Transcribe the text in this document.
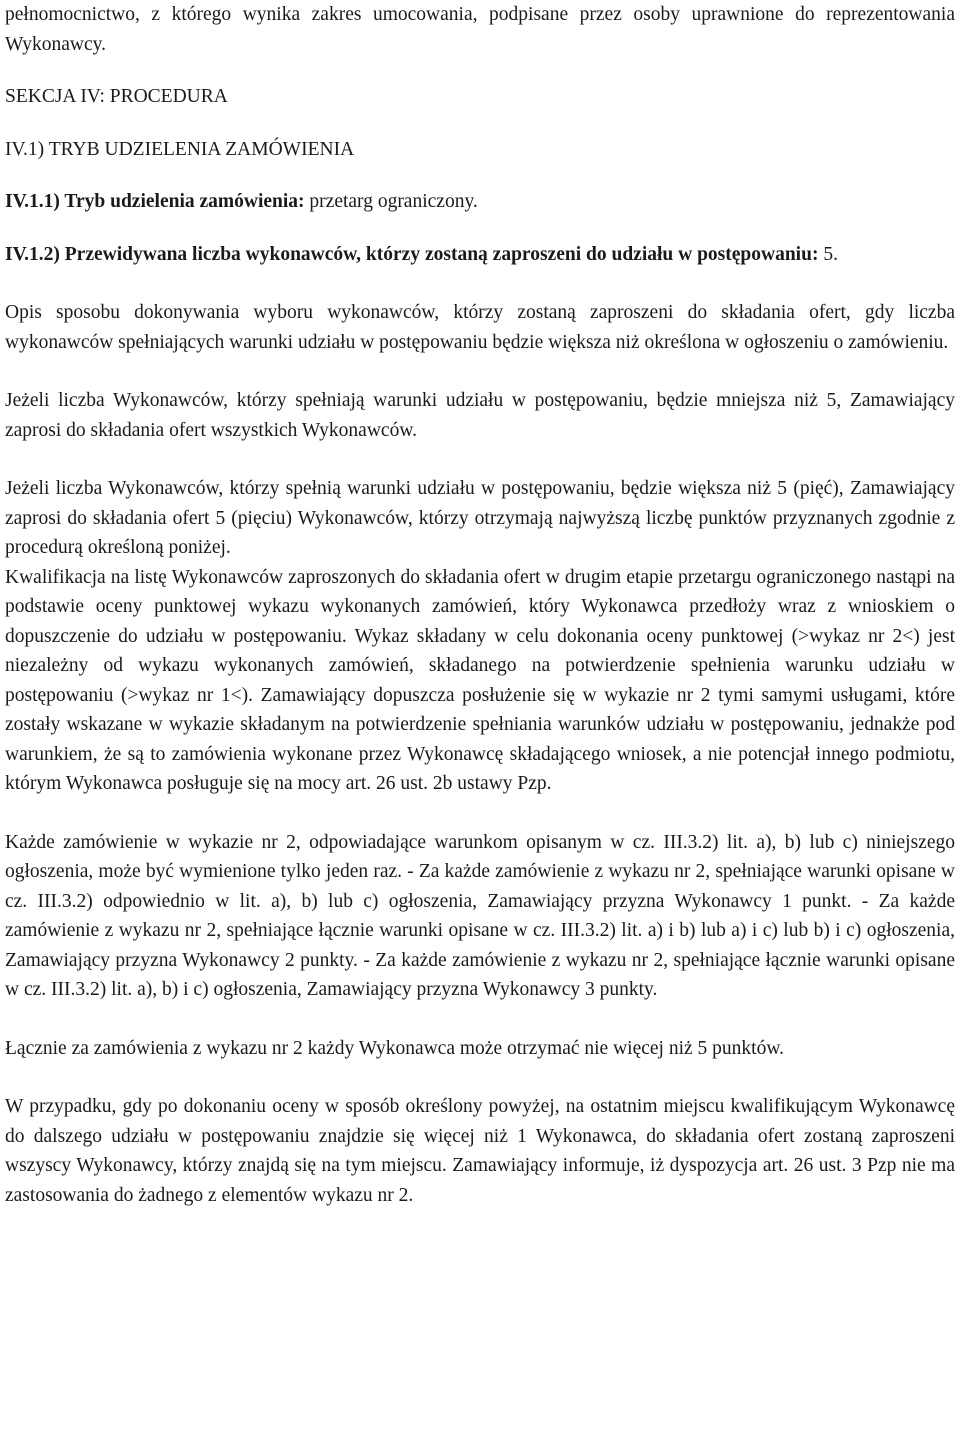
pełnomocnictwo, z którego wynika zakres umocowania, podpisane przez osoby uprawnione do reprezentowania Wykonawcy.

SEKCJA IV: PROCEDURA

IV.1) TRYB UDZIELENIA ZAMÓWIENIA

IV.1.1) Tryb udzielenia zamówienia: przetarg ograniczony.

IV.1.2) Przewidywana liczba wykonawców, którzy zostaną zaproszeni do udziału w postępowaniu: 5.

Opis sposobu dokonywania wyboru wykonawców, którzy zostaną zaproszeni do składania ofert, gdy liczba wykonawców spełniających warunki udziału w postępowaniu będzie większa niż określona w ogłoszeniu o zamówieniu.

Jeżeli liczba Wykonawców, którzy spełniają warunki udziału w postępowaniu, będzie mniejsza niż 5, Zamawiający zaprosi do składania ofert wszystkich Wykonawców.

Jeżeli liczba Wykonawców, którzy spełnią warunki udziału w postępowaniu, będzie większa niż 5 (pięć), Zamawiający zaprosi do składania ofert 5 (pięciu) Wykonawców, którzy otrzymają najwyższą liczbę punktów przyznanych zgodnie z procedurą określoną poniżej.

Kwalifikacja na listę Wykonawców zaproszonych do składania ofert w drugim etapie przetargu ograniczonego nastąpi na podstawie oceny punktowej wykazu wykonanych zamówień, który Wykonawca przedłoży wraz z wnioskiem o dopuszczenie do udziału w postępowaniu. Wykaz składany w celu dokonania oceny punktowej (>wykaz nr 2<) jest niezależny od wykazu wykonanych zamówień, składanego na potwierdzenie spełnienia warunku udziału w postępowaniu (>wykaz nr 1<). Zamawiający dopuszcza posłużenie się w wykazie nr 2 tymi samymi usługami, które zostały wskazane w wykazie składanym na potwierdzenie spełniania warunków udziału w postępowaniu, jednakże pod warunkiem, że są to zamówienia wykonane przez Wykonawcę składającego wniosek, a nie potencjał innego podmiotu, którym Wykonawca posługuje się na mocy art. 26 ust. 2b ustawy Pzp.

Każde zamówienie w wykazie nr 2, odpowiadające warunkom opisanym w cz. III.3.2) lit. a), b) lub c) niniejszego ogłoszenia, może być wymienione tylko jeden raz. - Za każde zamówienie z wykazu nr 2, spełniające warunki opisane w cz. III.3.2) odpowiednio w lit. a), b) lub c) ogłoszenia, Zamawiający przyzna Wykonawcy 1 punkt. - Za każde zamówienie z wykazu nr 2, spełniające łącznie warunki opisane w cz. III.3.2) lit. a) i b) lub a) i c) lub b) i c) ogłoszenia, Zamawiający przyzna Wykonawcy 2 punkty. - Za każde zamówienie z wykazu nr 2, spełniające łącznie warunki opisane w cz. III.3.2) lit. a), b) i c) ogłoszenia, Zamawiający przyzna Wykonawcy 3 punkty.

Łącznie za zamówienia z wykazu nr 2 każdy Wykonawca może otrzymać nie więcej niż 5 punktów.

W przypadku, gdy po dokonaniu oceny w sposób określony powyżej, na ostatnim miejscu kwalifikującym Wykonawcę do dalszego udziału w postępowaniu znajdzie się więcej niż 1 Wykonawca, do składania ofert zostaną zaproszeni wszyscy Wykonawcy, którzy znajdą się na tym miejscu. Zamawiający informuje, iż dyspozycja art. 26 ust. 3 Pzp nie ma zastosowania do żadnego z elementów wykazu nr 2.
